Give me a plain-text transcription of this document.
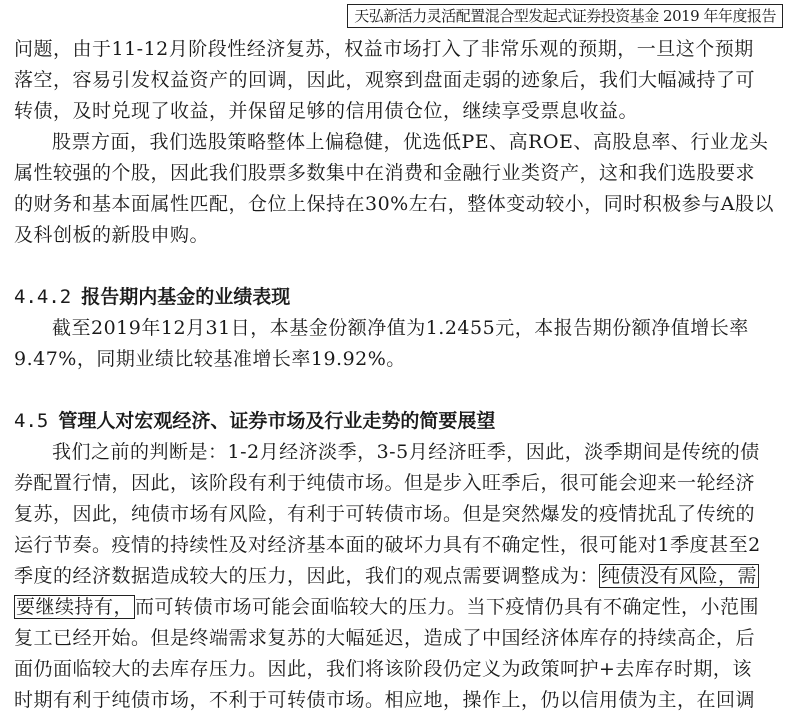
天弘新活力灵活配置混合型发起式证券投资基金 2019 年年度报告
问题，由于11-12月阶段性经济复苏，权益市场打入了非常乐观的预期，一旦这个预期
落空，容易引发权益资产的回调，因此，观察到盘面走弱的迹象后，我们大幅减持了可
转债，及时兑现了收益，并保留足够的信用债仓位，继续享受票息收益。
股票方面，我们选股策略整体上偏稳健，优选低PE、高ROE、高股息率、行业龙头
属性较强的个股，因此我们股票多数集中在消费和金融行业类资产，这和我们选股要求
的财务和基本面属性匹配，仓位上保持在30%左右，整体变动较小，同时积极参与A股以
及科创板的新股申购。
4.4.2 报告期内基金的业绩表现
截至2019年12月31日，本基金份额净值为1.2455元，本报告期份额净值增长率
9.47%，同期业绩比较基准增长率19.92%。
4.5 管理人对宏观经济、证券市场及行业走势的简要展望
我们之前的判断是：1-2月经济淡季，3-5月经济旺季，因此，淡季期间是传统的债
券配置行情，因此，该阶段有利于纯债市场。但是步入旺季后，很可能会迎来一轮经济
复苏，因此，纯债市场有风险，有利于可转债市场。但是突然爆发的疫情扰乱了传统的
运行节奏。疫情的持续性及对经济基本面的破坏力具有不确定性，很可能对1季度甚至2
季度的经济数据造成较大的压力，因此，我们的观点需要调整成为： 纯债没有风险，需
要继续持有， 而可转债市场可能会面临较大的压力。当下疫情仍具有不确定性，小范围
复工已经开始。但是终端需求复苏的大幅延迟，造成了中国经济体库存的持续高企，后
面仍面临较大的去库存压力。因此，我们将该阶段仍定义为政策呵护+去库存时期，该
时期有利于纯债市场，不利于可转债市场。相应地，操作上，仍以信用债为主，在回调
